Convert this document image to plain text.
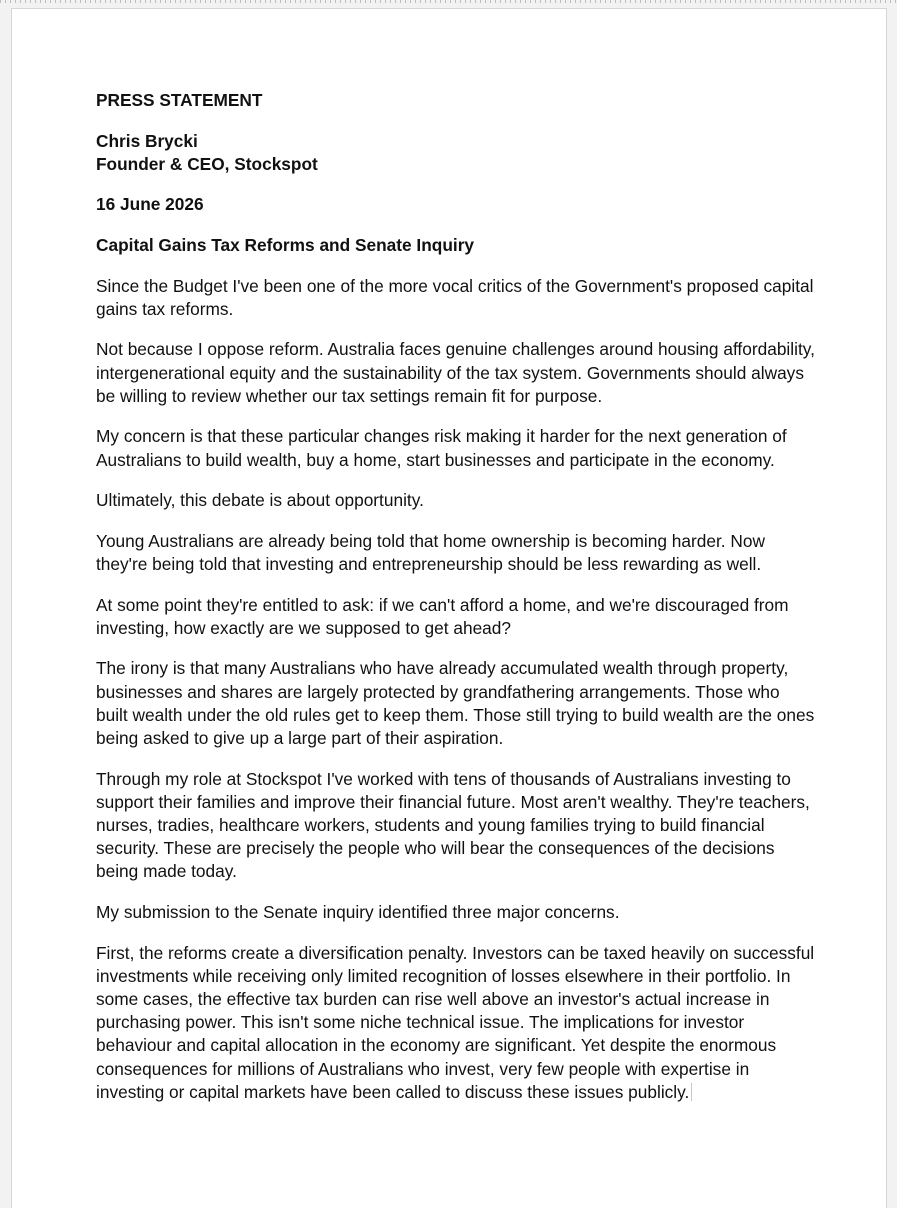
PRESS STATEMENT

Chris Brycki
Founder & CEO, Stockspot

16 June 2026

Capital Gains Tax Reforms and Senate Inquiry

Since the Budget I've been one of the more vocal critics of the Government's proposed capital gains tax reforms.

Not because I oppose reform. Australia faces genuine challenges around housing affordability, intergenerational equity and the sustainability of the tax system. Governments should always be willing to review whether our tax settings remain fit for purpose.

My concern is that these particular changes risk making it harder for the next generation of Australians to build wealth, buy a home, start businesses and participate in the economy.

Ultimately, this debate is about opportunity.

Young Australians are already being told that home ownership is becoming harder. Now they're being told that investing and entrepreneurship should be less rewarding as well.

At some point they're entitled to ask: if we can't afford a home, and we're discouraged from investing, how exactly are we supposed to get ahead?

The irony is that many Australians who have already accumulated wealth through property, businesses and shares are largely protected by grandfathering arrangements. Those who built wealth under the old rules get to keep them. Those still trying to build wealth are the ones being asked to give up a large part of their aspiration.

Through my role at Stockspot I've worked with tens of thousands of Australians investing to support their families and improve their financial future. Most aren't wealthy. They're teachers, nurses, tradies, healthcare workers, students and young families trying to build financial security. These are precisely the people who will bear the consequences of the decisions being made today.

My submission to the Senate inquiry identified three major concerns.

First, the reforms create a diversification penalty. Investors can be taxed heavily on successful investments while receiving only limited recognition of losses elsewhere in their portfolio. In some cases, the effective tax burden can rise well above an investor's actual increase in purchasing power. This isn't some niche technical issue. The implications for investor behaviour and capital allocation in the economy are significant. Yet despite the enormous consequences for millions of Australians who invest, very few people with expertise in investing or capital markets have been called to discuss these issues publicly.
